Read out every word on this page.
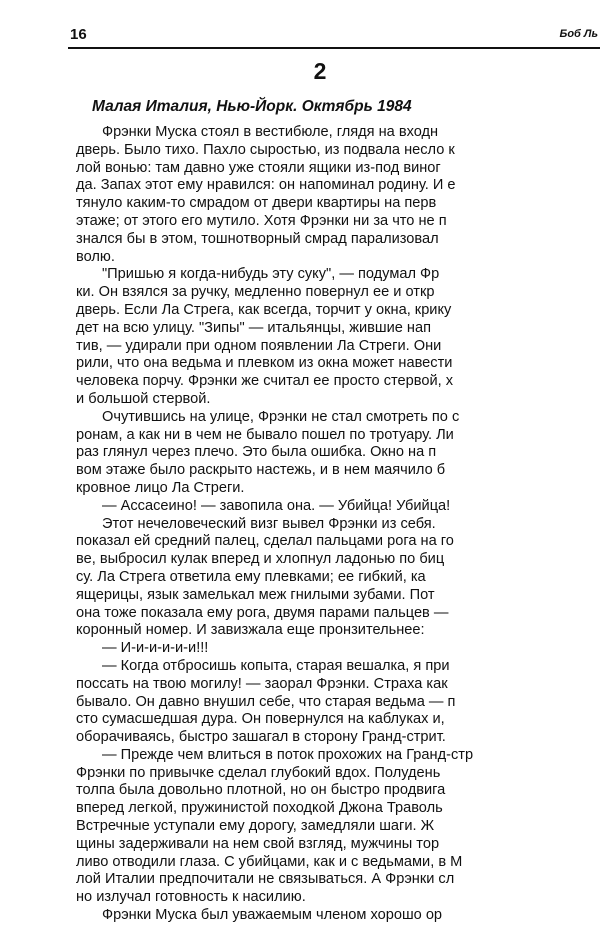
16	Боб Ль
2
Малая Италия, Нью-Йорк. Октябрь 1984
Фрэнки Муска стоял в вестибюле, глядя на входн
дверь. Было тихо. Пахло сыростью, из подвала несло к
лой вонью: там давно уже стояли ящики из-под виног
да. Запах этот ему нравился: он напоминал родину. И е
тянуло каким-то смрадом от двери квартиры на перв
этаже; от этого его мутило. Хотя Фрэнки ни за что не п
знался бы в этом, тошнотворный смрад парализовал
волю.
"Пришью я когда-нибудь эту суку", — подумал Фр
ки. Он взялся за ручку, медленно повернул ее и откр
дверь. Если Ла Стрега, как всегда, торчит у окна, крику
дет на всю улицу. "Зипы" — итальянцы, жившие нап
тив, — удирали при одном появлении Ла Стреги. Они
рили, что она ведьма и плевком из окна может навести
человека порчу. Фрэнки же считал ее просто стервой, х
и большой стервой.
Очутившись на улице, Фрэнки не стал смотреть по с
ронам, а как ни в чем не бывало пошел по тротуару. Ли
раз глянул через плечо. Это была ошибка. Окно на п
вом этаже было раскрыто настежь, и в нем маячило б
кровное лицо Ла Стреги.
— Ассасеино! — завопила она. — Убийца! Убийца!
Этот нечеловеческий визг вывел Фрэнки из себя.
показал ей средний палец, сделал пальцами рога на го
ве, выбросил кулак вперед и хлопнул ладонью по биц
су. Ла Стрега ответила ему плевками; ее гибкий, ка
ящерицы, язык замелькал меж гнилыми зубами. Пот
она тоже показала ему рога, двумя парами пальцев —
коронный номер. И завизжала еще пронзительнее:
— И-и-и-и-и-и!!!
— Когда отбросишь копыта, старая вешалка, я при
поссать на твою могилу! — заорал Фрэнки. Страха как
бывало. Он давно внушил себе, что старая ведьма — п
сто сумасшедшая дура. Он повернулся на каблуках и,
оборачиваясь, быстро зашагал в сторону Гранд-стрит.
— Прежде чем влиться в поток прохожих на Гранд-стр
Фрэнки по привычке сделал глубокий вдох. Полудень
толпа была довольно плотной, но он быстро продвига
вперед легкой, пружинистой походкой Джона Траволь
Встречные уступали ему дорогу, замедляли шаги. Ж
щины задерживали на нем свой взгляд, мужчины тор
ливо отводили глаза. С убийцами, как и с ведьмами, в М
лой Италии предпочитали не связываться. А Фрэнки сл
но излучал готовность к насилию.
Фрэнки Муска был уважаемым членом хорошо ор
